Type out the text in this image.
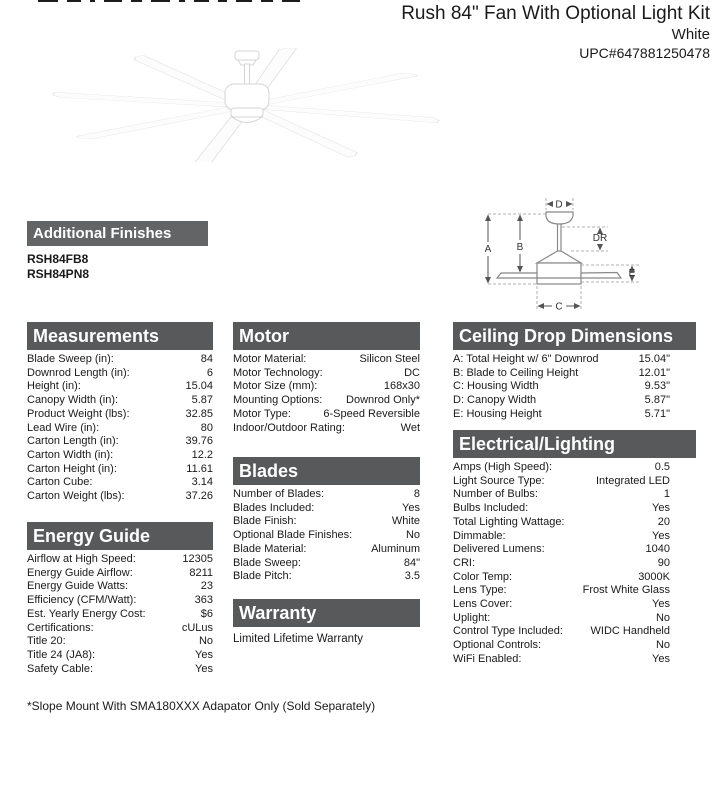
Rush 84" Fan With Optional Light Kit
White
UPC#647881250478
A	B
DR
E
D
C
Additional Finishes
RSH84FB8
RSH84PN8
Measurements
Blade Sweep (in):	84
Downrod Length (in):	6
Height (in):	15.04
Canopy Width (in):	5.87
Product Weight (lbs):	32.85
Lead Wire (in):	80
Carton Length (in):	39.76
Carton Width (in):	12.2
Carton Height (in):	11.61
Carton Cube:	3.14
Carton Weight (lbs):	37.26
Energy Guide
Airflow at High Speed:	12305
Energy Guide Airflow:	8211
Energy Guide Watts:	23
Efficiency (CFM/Watt):	363
Est. Yearly Energy Cost:	$6
Certifications:	cULus
Title 20:	No
Title 24 (JA8):	Yes
Safety Cable:	Yes
Motor
Motor Material:	Silicon Steel
Motor Technology:	DC
Motor Size (mm):	168x30
Mounting Options: Downrod Only*
Motor Type:	6-Speed Reversible
Indoor/Outdoor Rating:	Wet
Blades
Number of Blades:	8
Blades Included:	Yes
Blade Finish:	White
Optional Blade Finishes:	No
Blade Material:	Aluminum
Blade Sweep:	84"
Blade Pitch:	3.5
Warranty
Limited Lifetime Warranty
Ceiling Drop Dimensions
A: Total Height w/ 6" Downrod	15.04"
B: Blade to Ceiling Height	12.01"
C: Housing Width	9.53"
D: Canopy Width	5.87"
E: Housing Height	5.71"
Electrical/Lighting
Amps (High Speed):	0.5
Light Source Type:	Integrated LED
Number of Bulbs:	1
Bulbs Included:	Yes
Total Lighting Wattage:	20
Dimmable:	Yes
Delivered Lumens:	1040
CRI:	90
Color Temp:	3000K
Lens Type:	Frost White Glass
Lens Cover:	Yes
Uplight:	No
Control Type Included:	WIDC Handheld
Optional Controls:	No
WiFi Enabled:	Yes
*Slope Mount With SMA180XXX Adapator Only (Sold Separately)
